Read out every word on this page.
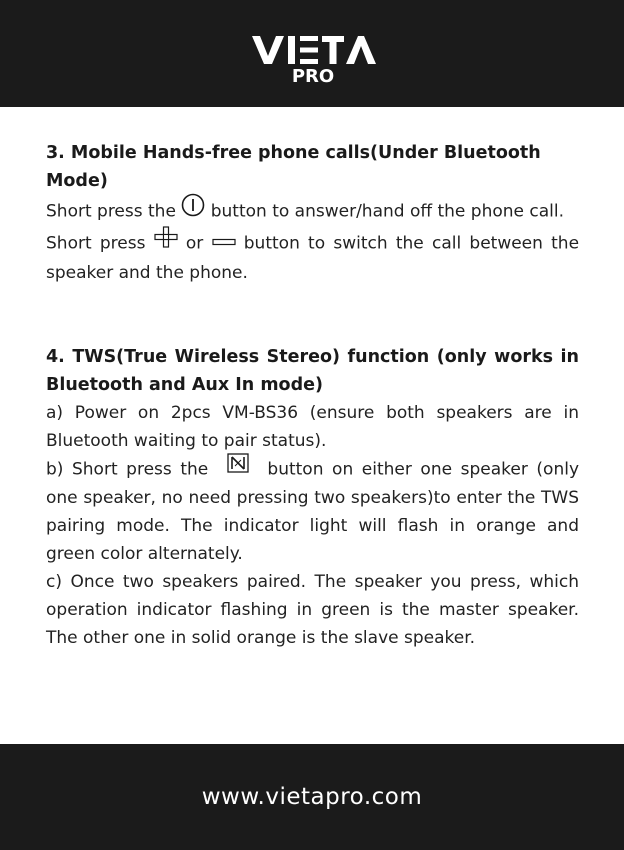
PRO
3. Mobile Hands-free phone calls(Under Bluetooth Mode)
Short press the button to answer/hand off the phone call.
Short press or button to switch the call between the speaker and the phone.
4. TWS(True Wireless Stereo) function (only works in Bluetooth and Aux In mode)
a) Power on 2pcs VM-BS36 (ensure both speakers are in Bluetooth waiting to pair status).
b) Short press the	button on either one speaker (only one speaker, no need pressing two speakers)to enter the TWS pairing mode. The indicator light will flash in orange and green color alternately.
c) Once two speakers paired. The speaker you press, which operation indicator flashing in green is the master speaker. The other one in solid orange is the slave speaker.
www.vietapro.com
